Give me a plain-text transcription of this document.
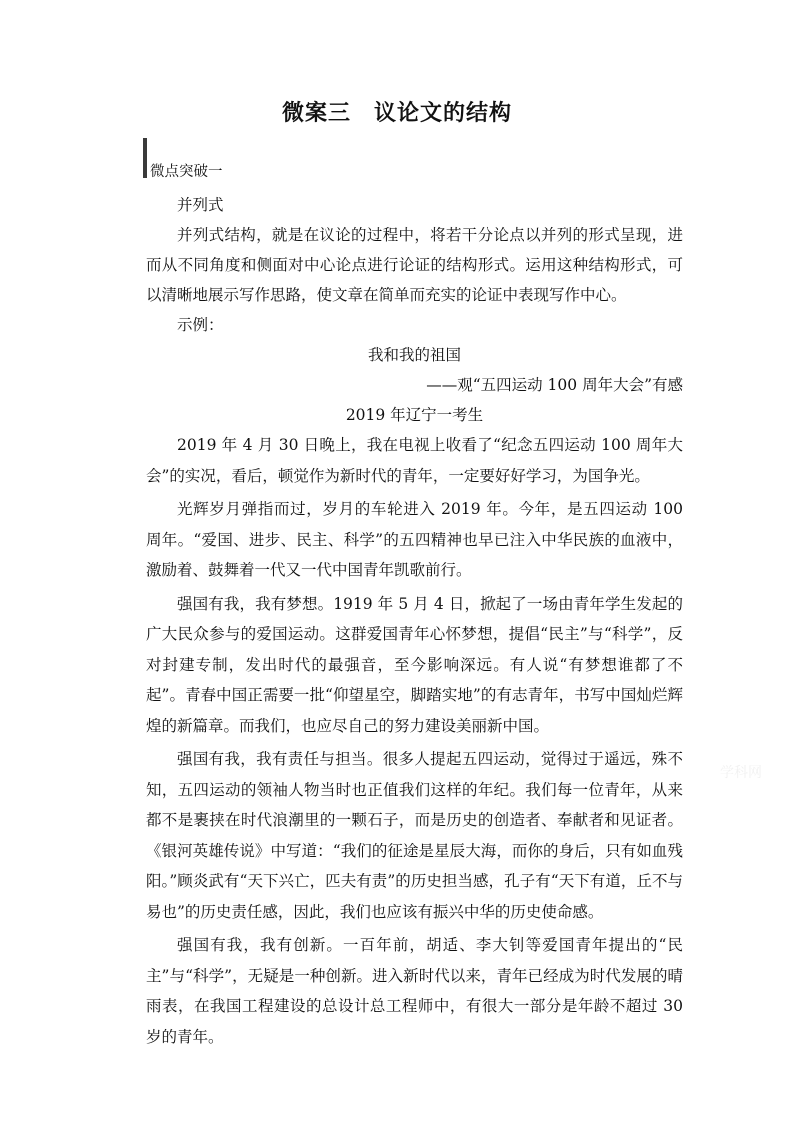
微案三　议论文的结构
微点突破一

并列式

并列式结构，就是在议论的过程中，将若干分论点以并列的形式呈现，进而从不同角度和侧面对中心论点进行论证的结构形式。运用这种结构形式，可以清晰地展示写作思路，使文章在简单而充实的论证中表现写作中心。

示例：

我和我的祖国

——观“五四运动 100 周年大会”有感

2019 年辽宁一考生

2019 年 4 月 30 日晚上，我在电视上收看了“纪念五四运动 100 周年大会”的实况，看后，顿觉作为新时代的青年，一定要好好学习，为国争光。

光辉岁月弹指而过，岁月的车轮进入 2019 年。今年，是五四运动 100 周年。“爱国、进步、民主、科学”的五四精神也早已注入中华民族的血液中，激励着、鼓舞着一代又一代中国青年凯歌前行。

强国有我，我有梦想。1919 年 5 月 4 日，掀起了一场由青年学生发起的广大民众参与的爱国运动。这群爱国青年心怀梦想，提倡“民主”与“科学”，反对封建专制，发出时代的最强音，至今影响深远。有人说“有梦想谁都了不起”。青春中国正需要一批“仰望星空，脚踏实地”的有志青年，书写中国灿烂辉煌的新篇章。而我们，也应尽自己的努力建设美丽新中国。

强国有我，我有责任与担当。很多人提起五四运动，觉得过于遥远，殊不知，五四运动的领袖人物当时也正值我们这样的年纪。我们每一位青年，从来都不是裹挟在时代浪潮里的一颗石子，而是历史的创造者、奉献者和见证者。《银河英雄传说》中写道：“我们的征途是星辰大海，而你的身后，只有如血残阳。”顾炎武有“天下兴亡，匹夫有责”的历史担当感，孔子有“天下有道，丘不与易也”的历史责任感，因此，我们也应该有振兴中华的历史使命感。

强国有我，我有创新。一百年前，胡适、李大钊等爱国青年提出的“民主”与“科学”，无疑是一种创新。进入新时代以来，青年已经成为时代发展的晴雨表，在我国工程建设的总设计总工程师中，有很大一部分是年龄不超过 30 岁的青年。

学科网
